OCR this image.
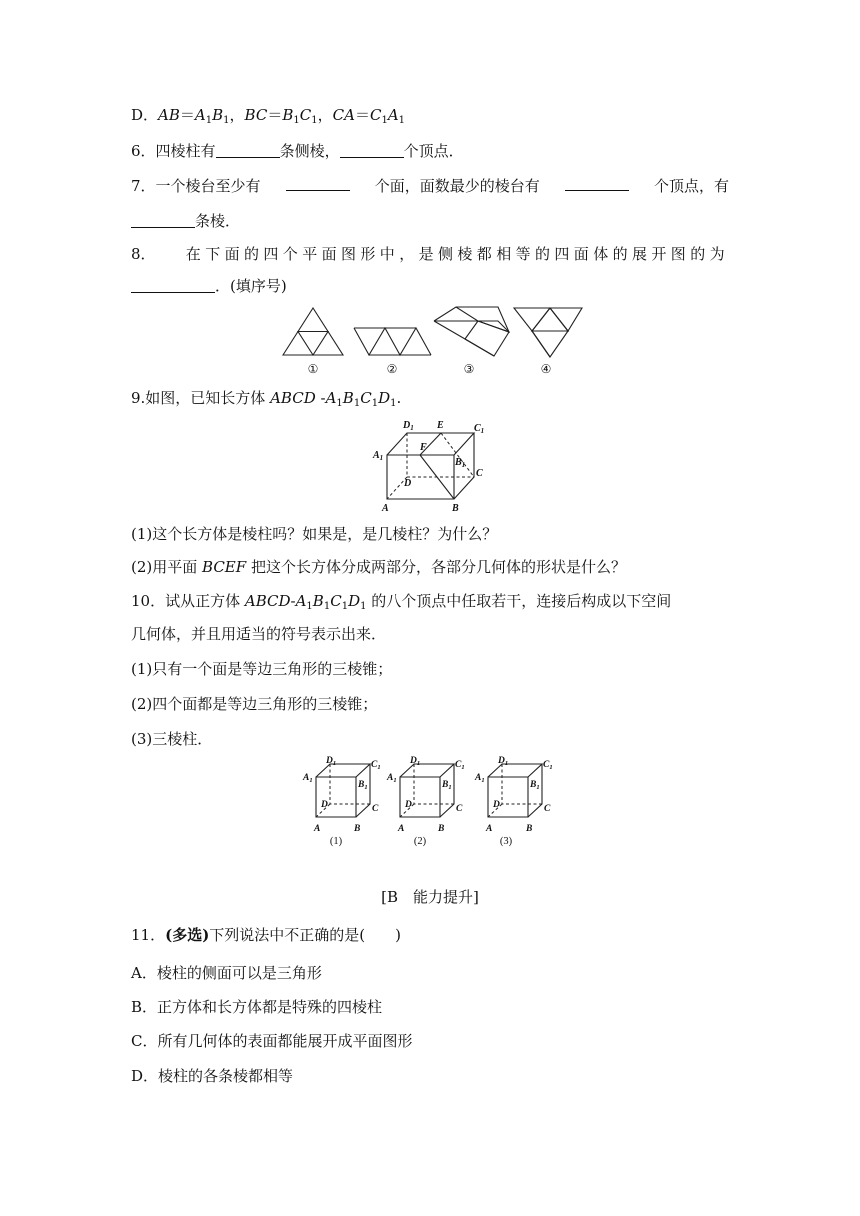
D．$AB=A_1B_1$，$BC=B_1C_1$，$CA=C_1A_1$
6．四棱柱有	条侧棱，	个顶点．
7．一个棱台至少有	个面，面数最少的棱台有	个顶点，有
条棱．
8． 在下面的四个平面图形中，是侧棱都相等的四面体的展开图的为
．(填序号)
①	②	③	④
9.如图，已知长方体 ABCD $-A_1B_1C_1D_1$.
$D_1$ E	$C_1$
F
$A_1$	$B_1$
C
D
A	B
(1)这个长方体是棱柱吗？如果是，是几棱柱？为什么？
(2)用平面 BCEF 把这个长方体分成两部分，各部分几何体的形状是什么？
10．试从正方体 ABCD-$A_1B_1C_1D_1$ 的八个顶点中任取若干，连接后构成以下空间
几何体，并且用适当的符号表示出来．
(1)只有一个面是等边三角形的三棱锥；
(2)四个面都是等边三角形的三棱锥；
(3)三棱柱．
$D_1$	$C_1$
$A_1$	$B_1$
C
D
A	B
$D_1$	$C_1$
$A_1$	$B_1$
C
D
A	B
$D_1$	$C_1$
$A_1$	$B_1$
C
D
A	B
(1)	(2)	(3)
[B  能力提升]
11．(多选)下列说法中不正确的是(　　)
A．棱柱的侧面可以是三角形
B．正方体和长方体都是特殊的四棱柱
C．所有几何体的表面都能展开成平面图形
D．棱柱的各条棱都相等
